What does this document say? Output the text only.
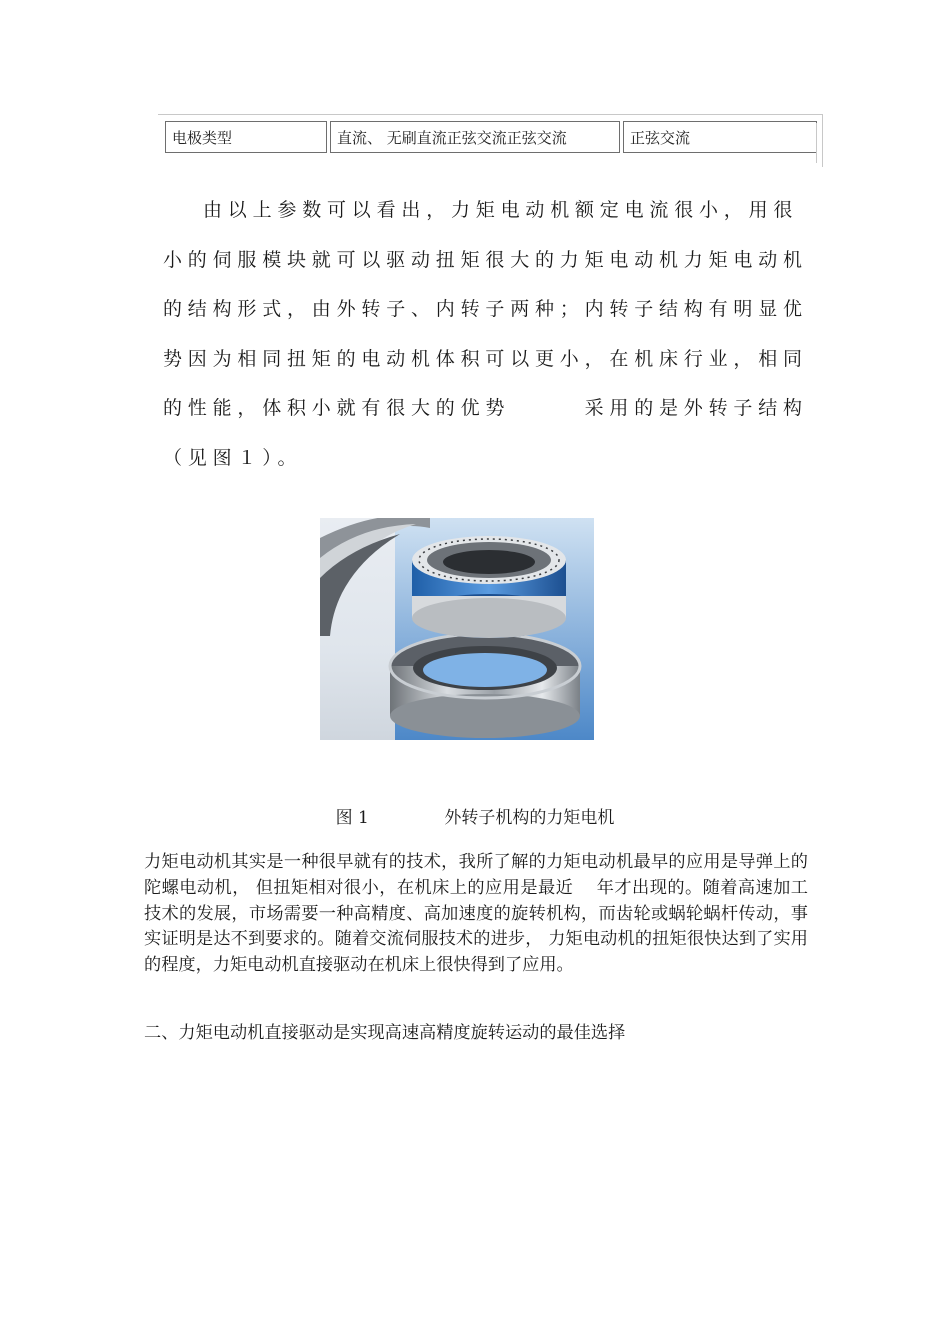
电极类型	直流、 无刷直流正弦交流正弦交流	正弦交流
由以上参数可以看出，力矩电动机额定电流很小，用很
小的伺服模块就可以驱动扭矩很大的力矩电动机力矩电动机
的结构形式，由外转子、内转子两种；内转子结构有明显优
势因为相同扭矩的电动机体积可以更小，在机床行业，相同
的性能，体积小就有很大的优势　　　采用的是外转子结构
（见图１）。
图 1              外转子机构的力矩电机

力矩电动机其实是一种很早就有的技术，我所了解的力矩电动机最早的应用是导弹上的陀螺电动机， 但扭矩相对很小，在机床上的应用是最近　 年才出现的。随着高速加工技术的发展，市场需要一种高精度、高加速度的旋转机构，而齿轮或蜗轮蜗杆传动，事实证明是达不到要求的。随着交流伺服技术的进步， 力矩电动机的扭矩很快达到了实用的程度，力矩电动机直接驱动在机床上很快得到了应用。

二、力矩电动机直接驱动是实现高速高精度旋转运动的最佳选择
